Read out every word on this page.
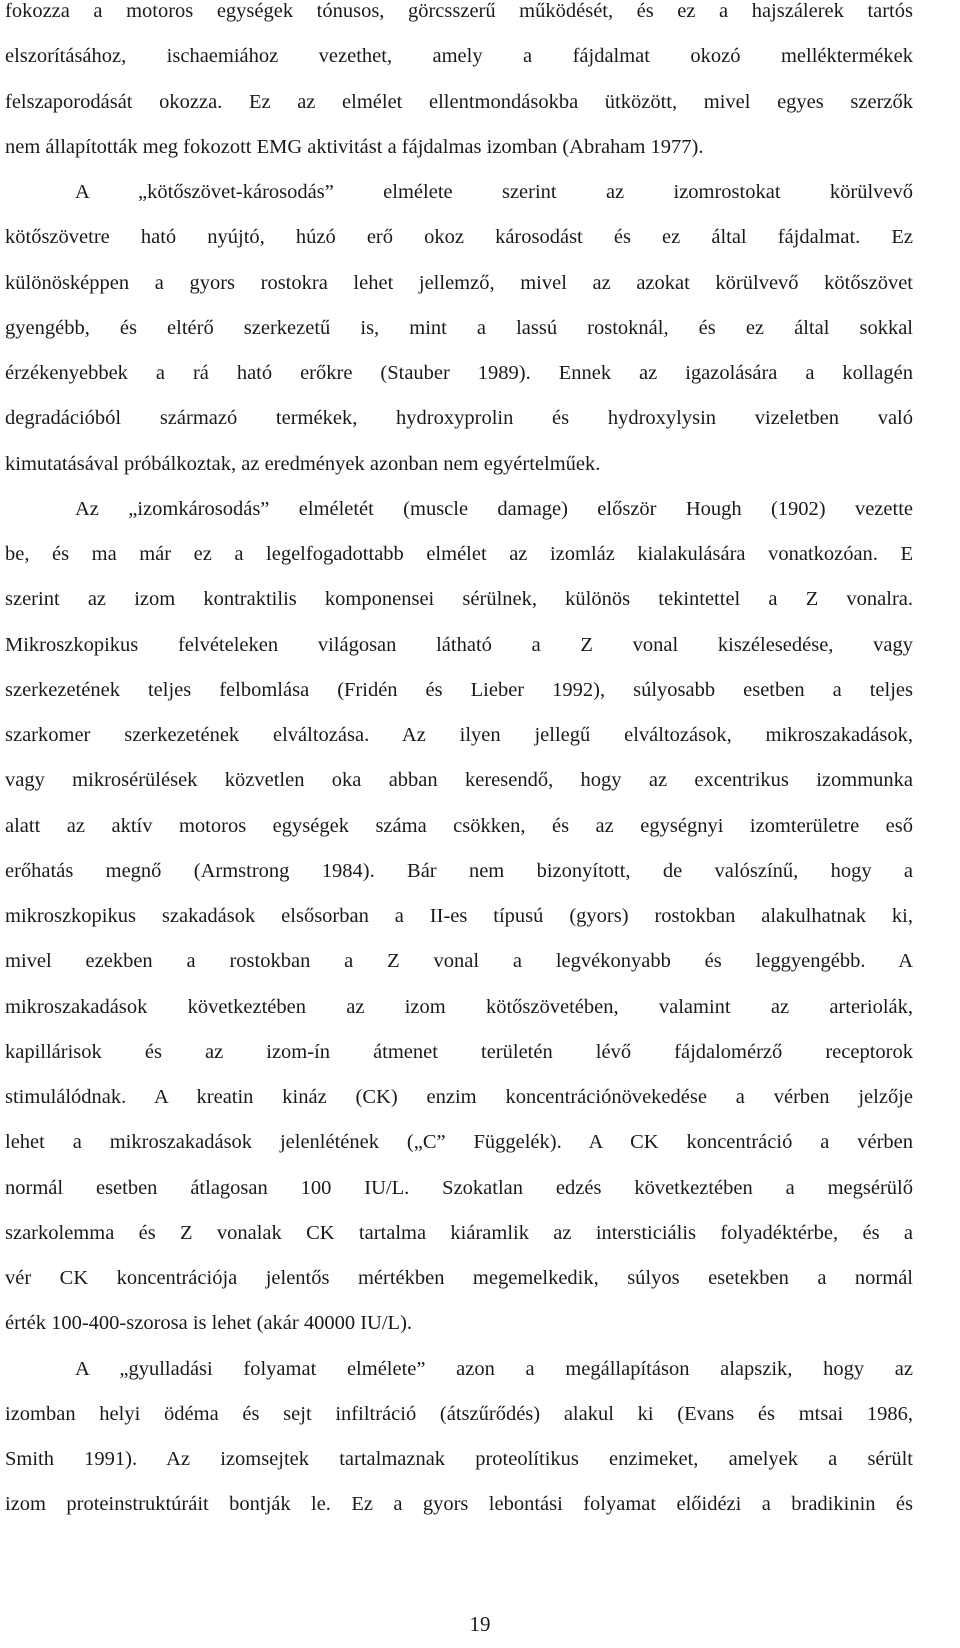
fokozza a motoros egységek tónusos, görcsszerű működését, és ez a hajszálerek tartós
elszorításához, ischaemiához vezethet, amely a fájdalmat okozó melléktermékek
felszaporodását okozza. Ez az elmélet ellentmondásokba ütközött, mivel egyes szerzők
nem állapították meg fokozott EMG aktivitást a fájdalmas izomban (Abraham 1977).
A „kötőszövet-károsodás” elmélete szerint az izomrostokat körülvevő
kötőszövetre ható nyújtó, húzó erő okoz károsodást és ez által fájdalmat. Ez
különösképpen a gyors rostokra lehet jellemző, mivel az azokat körülvevő kötőszövet
gyengébb, és eltérő szerkezetű is, mint a lassú rostoknál, és ez által sokkal
érzékenyebbek a rá ható erőkre (Stauber 1989). Ennek az igazolására a kollagén
degradációból származó termékek, hydroxyprolin és hydroxylysin vizeletben való
kimutatásával próbálkoztak, az eredmények azonban nem egyértelműek.
Az „izomkárosodás” elméletét (muscle damage) először Hough (1902) vezette
be, és ma már ez a legelfogadottabb elmélet az izomláz kialakulására vonatkozóan. E
szerint az izom kontraktilis komponensei sérülnek, különös tekintettel a Z vonalra.
Mikroszkopikus felvételeken világosan látható a Z vonal kiszélesedése, vagy
szerkezetének teljes felbomlása (Fridén és Lieber 1992), súlyosabb esetben a teljes
szarkomer szerkezetének elváltozása. Az ilyen jellegű elváltozások, mikroszakadások,
vagy mikrosérülések közvetlen oka abban keresendő, hogy az excentrikus izommunka
alatt az aktív motoros egységek száma csökken, és az egységnyi izomterületre eső
erőhatás megnő (Armstrong 1984). Bár nem bizonyított, de valószínű, hogy a
mikroszkopikus szakadások elsősorban a II-es típusú (gyors) rostokban alakulhatnak ki,
mivel ezekben a rostokban a Z vonal a legvékonyabb és leggyengébb. A
mikroszakadások következtében az izom kötőszövetében, valamint az arteriolák,
kapillárisok és az izom-ín átmenet területén lévő fájdalomérző receptorok
stimulálódnak. A kreatin kináz (CK) enzim koncentrációnövekedése a vérben jelzője
lehet a mikroszakadások jelenlétének („C” Függelék). A CK koncentráció a vérben
normál esetben átlagosan 100 IU/L. Szokatlan edzés következtében a megsérülő
szarkolemma és Z vonalak CK tartalma kiáramlik az intersticiális folyadéktérbe, és a
vér CK koncentrációja jelentős mértékben megemelkedik, súlyos esetekben a normál
érték 100-400-szorosa is lehet (akár 40000 IU/L).
A „gyulladási folyamat elmélete” azon a megállapításon alapszik, hogy az
izomban helyi ödéma és sejt infiltráció (átszűrődés) alakul ki (Evans és mtsai 1986,
Smith 1991). Az izomsejtek tartalmaznak proteolítikus enzimeket, amelyek a sérült
izom proteinstruktúráit bontják le. Ez a gyors lebontási folyamat előidézi a bradikinin és
19
